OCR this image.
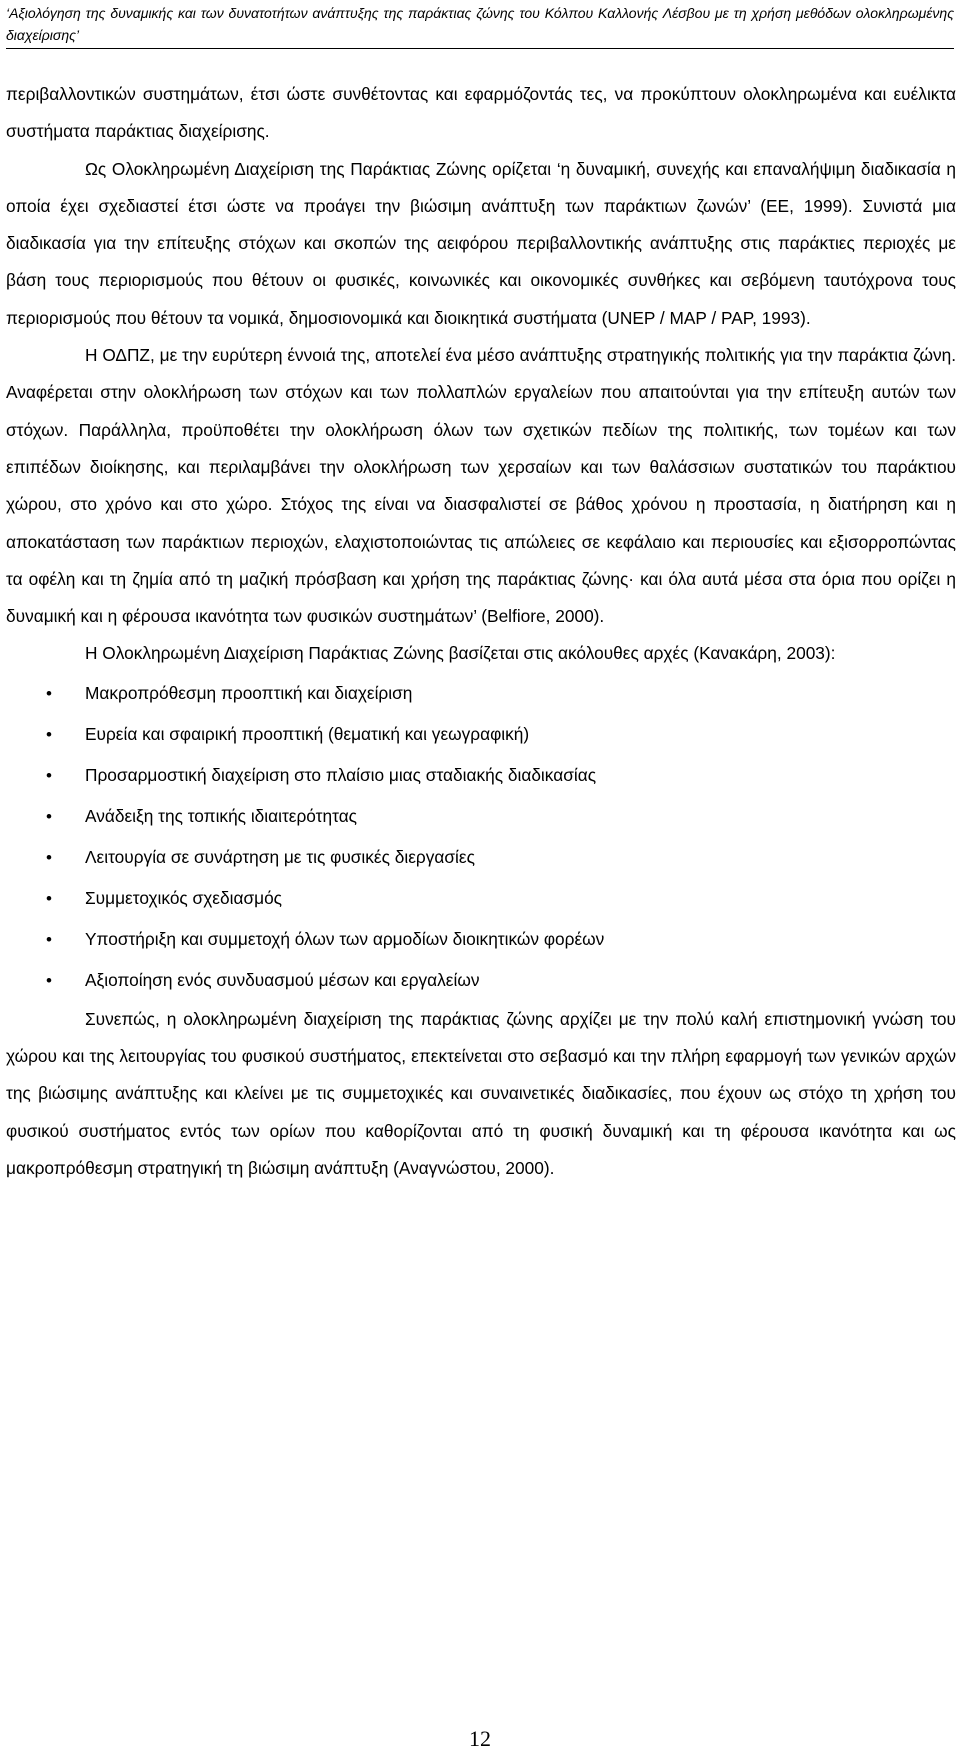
‘Αξιολόγηση της δυναμικής και των δυνατοτήτων ανάπτυξης της παράκτιας ζώνης του Κόλπου Καλλονής Λέσβου με τη χρήση μεθόδων ολοκληρωμένης διαχείρισης’

περιβαλλοντικών συστημάτων, έτσι ώστε συνθέτοντας και εφαρμόζοντάς τες, να προκύπτουν ολοκληρωμένα και ευέλικτα συστήματα παράκτιας διαχείρισης.

Ως Ολοκληρωμένη Διαχείριση της Παράκτιας Ζώνης ορίζεται ‘η δυναμική, συνεχής και επαναλήψιμη διαδικασία η οποία έχει σχεδιαστεί έτσι ώστε να προάγει την βιώσιμη ανάπτυξη των παράκτιων ζωνών’ (ΕΕ, 1999). Συνιστά μια διαδικασία για την επίτευξης στόχων και σκοπών της αειφόρου περιβαλλοντικής ανάπτυξης στις παράκτιες περιοχές με βάση τους περιορισμούς που θέτουν οι φυσικές, κοινωνικές και οικονομικές συνθήκες και σεβόμενη ταυτόχρονα τους περιορισμούς που θέτουν τα νομικά, δημοσιονομικά και διοικητικά συστήματα (UNEP / MAP / PAP, 1993).

Η ΟΔΠΖ, με την ευρύτερη έννοιά της, αποτελεί ένα μέσο ανάπτυξης στρατηγικής πολιτικής για την παράκτια ζώνη. Αναφέρεται στην ολοκλήρωση των στόχων και των πολλαπλών εργαλείων που απαιτούνται για την επίτευξη αυτών των στόχων. Παράλληλα, προϋποθέτει την ολοκλήρωση όλων των σχετικών πεδίων της πολιτικής, των τομέων και των επιπέδων διοίκησης, και περιλαμβάνει την ολοκλήρωση των χερσαίων και των θαλάσσιων συστατικών του παράκτιου χώρου, στο χρόνο και στο χώρο. Στόχος της είναι να διασφαλιστεί σε βάθος χρόνου η προστασία, η διατήρηση και η αποκατάσταση των παράκτιων περιοχών, ελαχιστοποιώντας τις απώλειες σε κεφάλαιο και περιουσίες και εξισορροπώντας τα οφέλη και τη ζημία από τη μαζική πρόσβαση και χρήση της παράκτιας ζώνης· και όλα αυτά μέσα στα όρια που ορίζει η δυναμική και η φέρουσα ικανότητα των φυσικών συστημάτων’ (Belfiore, 2000).

Η Ολοκληρωμένη Διαχείριση Παράκτιας Ζώνης βασίζεται στις ακόλουθες αρχές (Κανακάρη, 2003):

• Μακροπρόθεσμη προοπτική και διαχείριση
• Ευρεία και σφαιρική προοπτική (θεματική και γεωγραφική)
• Προσαρμοστική διαχείριση στο πλαίσιο μιας σταδιακής διαδικασίας
• Ανάδειξη της τοπικής ιδιαιτερότητας
• Λειτουργία σε συνάρτηση με τις φυσικές διεργασίες
• Συμμετοχικός σχεδιασμός
• Υποστήριξη και συμμετοχή όλων των αρμοδίων διοικητικών φορέων
• Αξιοποίηση ενός συνδυασμού μέσων και εργαλείων

Συνεπώς, η ολοκληρωμένη διαχείριση της παράκτιας ζώνης αρχίζει με την πολύ καλή επιστημονική γνώση του χώρου και της λειτουργίας του φυσικού συστήματος, επεκτείνεται στο σεβασμό και την πλήρη εφαρμογή των γενικών αρχών της βιώσιμης ανάπτυξης και κλείνει με τις συμμετοχικές και συναινετικές διαδικασίες, που έχουν ως στόχο τη χρήση του φυσικού συστήματος εντός των ορίων που καθορίζονται από τη φυσική δυναμική και τη φέρουσα ικανότητα και ως μακροπρόθεσμη στρατηγική τη βιώσιμη ανάπτυξη (Αναγνώστου, 2000).

12
